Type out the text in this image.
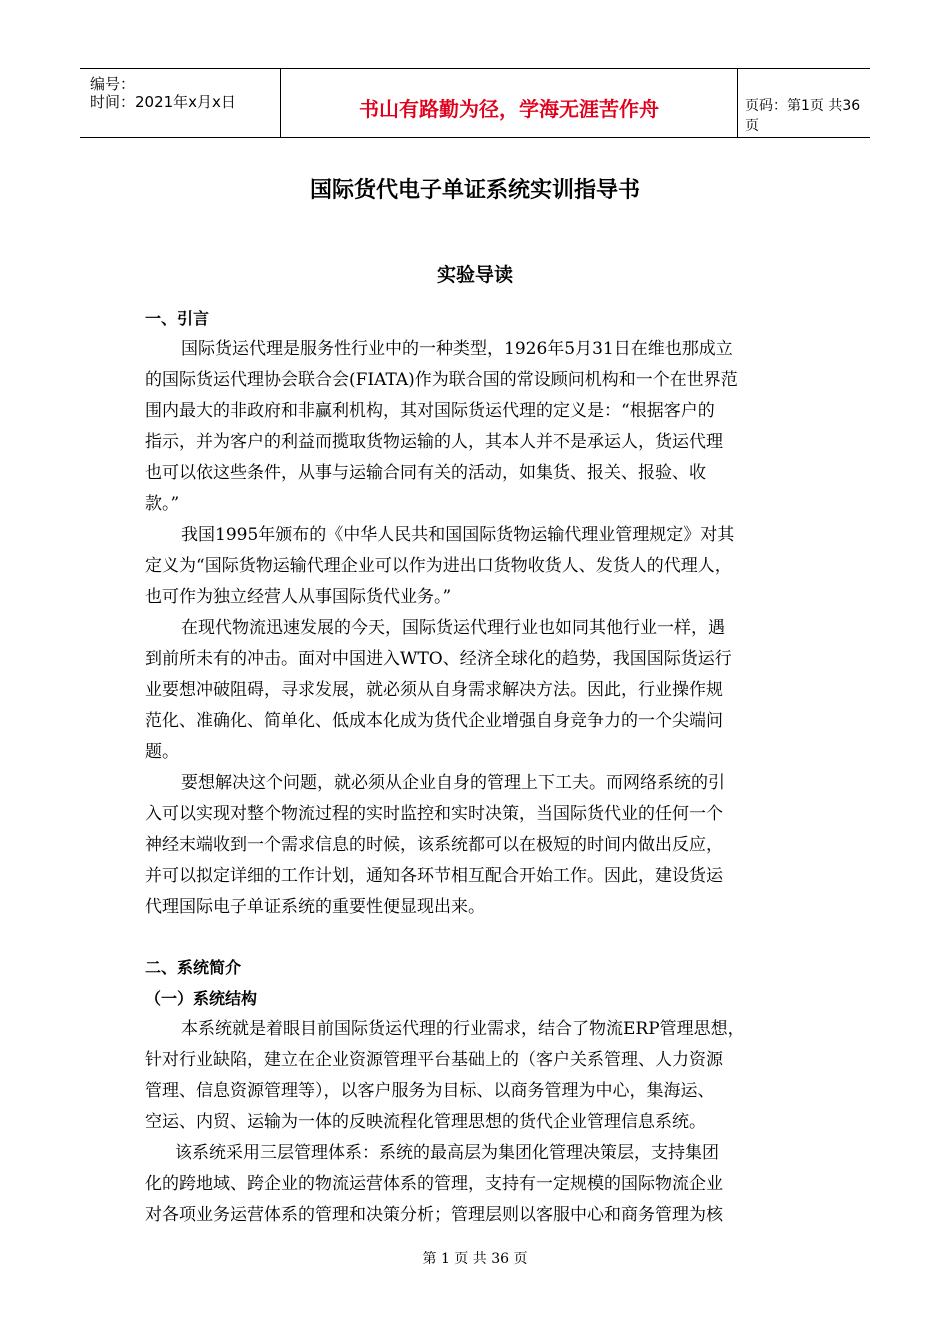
编号：
时间：2021年x月x日	书山有路勤为径，学海无涯苦作舟	页码：第1页 共36页
国际货代电子单证系统实训指导书
实验导读
一、引言
国际货运代理是服务性行业中的一种类型，1926年5月31日在维也那成立
的国际货运代理协会联合会(FIATA)作为联合国的常设顾问机构和一个在世界范
围内最大的非政府和非赢利机构，其对国际货运代理的定义是：“根据客户的
指示，并为客户的利益而揽取货物运输的人，其本人并不是承运人，货运代理
也可以依这些条件，从事与运输合同有关的活动，如集货、报关、报验、收
款。”
我国1995年颁布的《中华人民共和国国际货物运输代理业管理规定》对其
定义为“国际货物运输代理企业可以作为进出口货物收货人、发货人的代理人，
也可作为独立经营人从事国际货代业务。”
在现代物流迅速发展的今天，国际货运代理行业也如同其他行业一样，遇
到前所未有的冲击。面对中国进入WTO、经济全球化的趋势，我国国际货运行
业要想冲破阻碍，寻求发展，就必须从自身需求解决方法。因此，行业操作规
范化、准确化、简单化、低成本化成为货代企业增强自身竞争力的一个尖端问
题。
要想解决这个问题，就必须从企业自身的管理上下工夫。而网络系统的引
入可以实现对整个物流过程的实时监控和实时决策，当国际货代业的任何一个
神经末端收到一个需求信息的时候，该系统都可以在极短的时间内做出反应，
并可以拟定详细的工作计划，通知各环节相互配合开始工作。因此，建设货运
代理国际电子单证系统的重要性便显现出来。
二、系统简介
（一）系统结构
本系统就是着眼目前国际货运代理的行业需求，结合了物流ERP管理思想，
针对行业缺陷，建立在企业资源管理平台基础上的（客户关系管理、人力资源
管理、信息资源管理等），以客户服务为目标、以商务管理为中心，集海运、
空运、内贸、运输为一体的反映流程化管理思想的货代企业管理信息系统。
该系统采用三层管理体系：系统的最高层为集团化管理决策层，支持集团
化的跨地域、跨企业的物流运营体系的管理，支持有一定规模的国际物流企业
对各项业务运营体系的管理和决策分析；管理层则以客服中心和商务管理为核
第 1 页 共 36 页
